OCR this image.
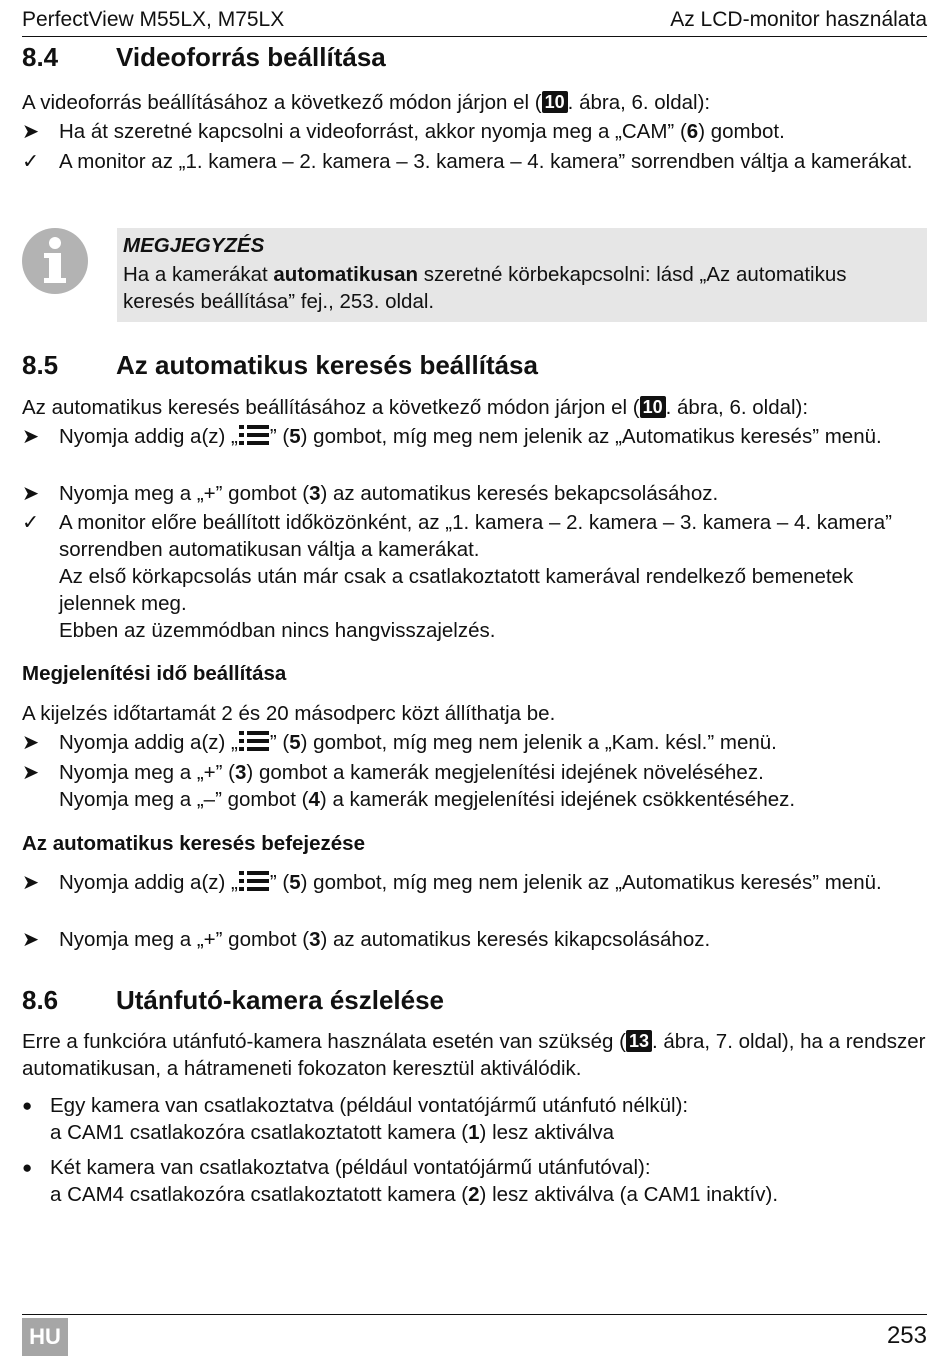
PerfectView M55LX, M75LX	Az LCD-monitor használata
8.4 Videoforrás beállítása
A videoforrás beállításához a következő módon járjon el ( 10 . ábra, 6. oldal):
➤ Ha át szeretné kapcsolni a videoforrást, akkor nyomja meg a „CAM” (6) gombot.
✓ A monitor az „1. kamera – 2. kamera – 3. kamera – 4. kamera” sorrendben váltja a kamerákat.
MEGJEGYZÉS
Ha a kamerákat automatikusan szeretné körbekapcsolni: lásd „Az automatikus keresés beállítása” fej., 253. oldal.
8.5 Az automatikus keresés beállítása
Az automatikus keresés beállításához a következő módon járjon el ( 10 . ábra, 6. oldal):
➤ Nyomja addig a(z) „ ” (5) gombot, míg meg nem jelenik az „Automatikus keresés” menü.
➤ Nyomja meg a „+” gombot (3) az automatikus keresés bekapcsolásához.
✓ A monitor előre beállított időközönként, az „1. kamera – 2. kamera – 3. kamera – 4. kamera” sorrendben automatikusan váltja a kamerákat.
Az első körkapcsolás után már csak a csatlakoztatott kamerával rendelkező bemenetek jelennek meg.
Ebben az üzemmódban nincs hangvisszajelzés.
Megjelenítési idő beállítása
A kijelzés időtartamát 2 és 20 másodperc közt állíthatja be.
➤ Nyomja addig a(z) „ ” (5) gombot, míg meg nem jelenik a „Kam. késl.” menü.
➤ Nyomja meg a „+” (3) gombot a kamerák megjelenítési idejének növeléséhez.
Nyomja meg a „–” gombot (4) a kamerák megjelenítési idejének csökkentéséhez.
Az automatikus keresés befejezése
➤ Nyomja addig a(z) „ ” (5) gombot, míg meg nem jelenik az „Automatikus keresés” menü.
➤ Nyomja meg a „+” gombot (3) az automatikus keresés kikapcsolásához.
8.6 Utánfutó-kamera észlelése
Erre a funkcióra utánfutó-kamera használata esetén van szükség ( 13 . ábra, 7. oldal), ha a rendszer automatikusan, a hátrameneti fokozaton keresztül aktiválódik.
● Egy kamera van csatlakoztatva (például vontatójármű utánfutó nélkül):
a CAM1 csatlakozóra csatlakoztatott kamera (1) lesz aktiválva
● Két kamera van csatlakoztatva (például vontatójármű utánfutóval):
a CAM4 csatlakozóra csatlakoztatott kamera (2) lesz aktiválva (a CAM1 inaktív).
HU	253
